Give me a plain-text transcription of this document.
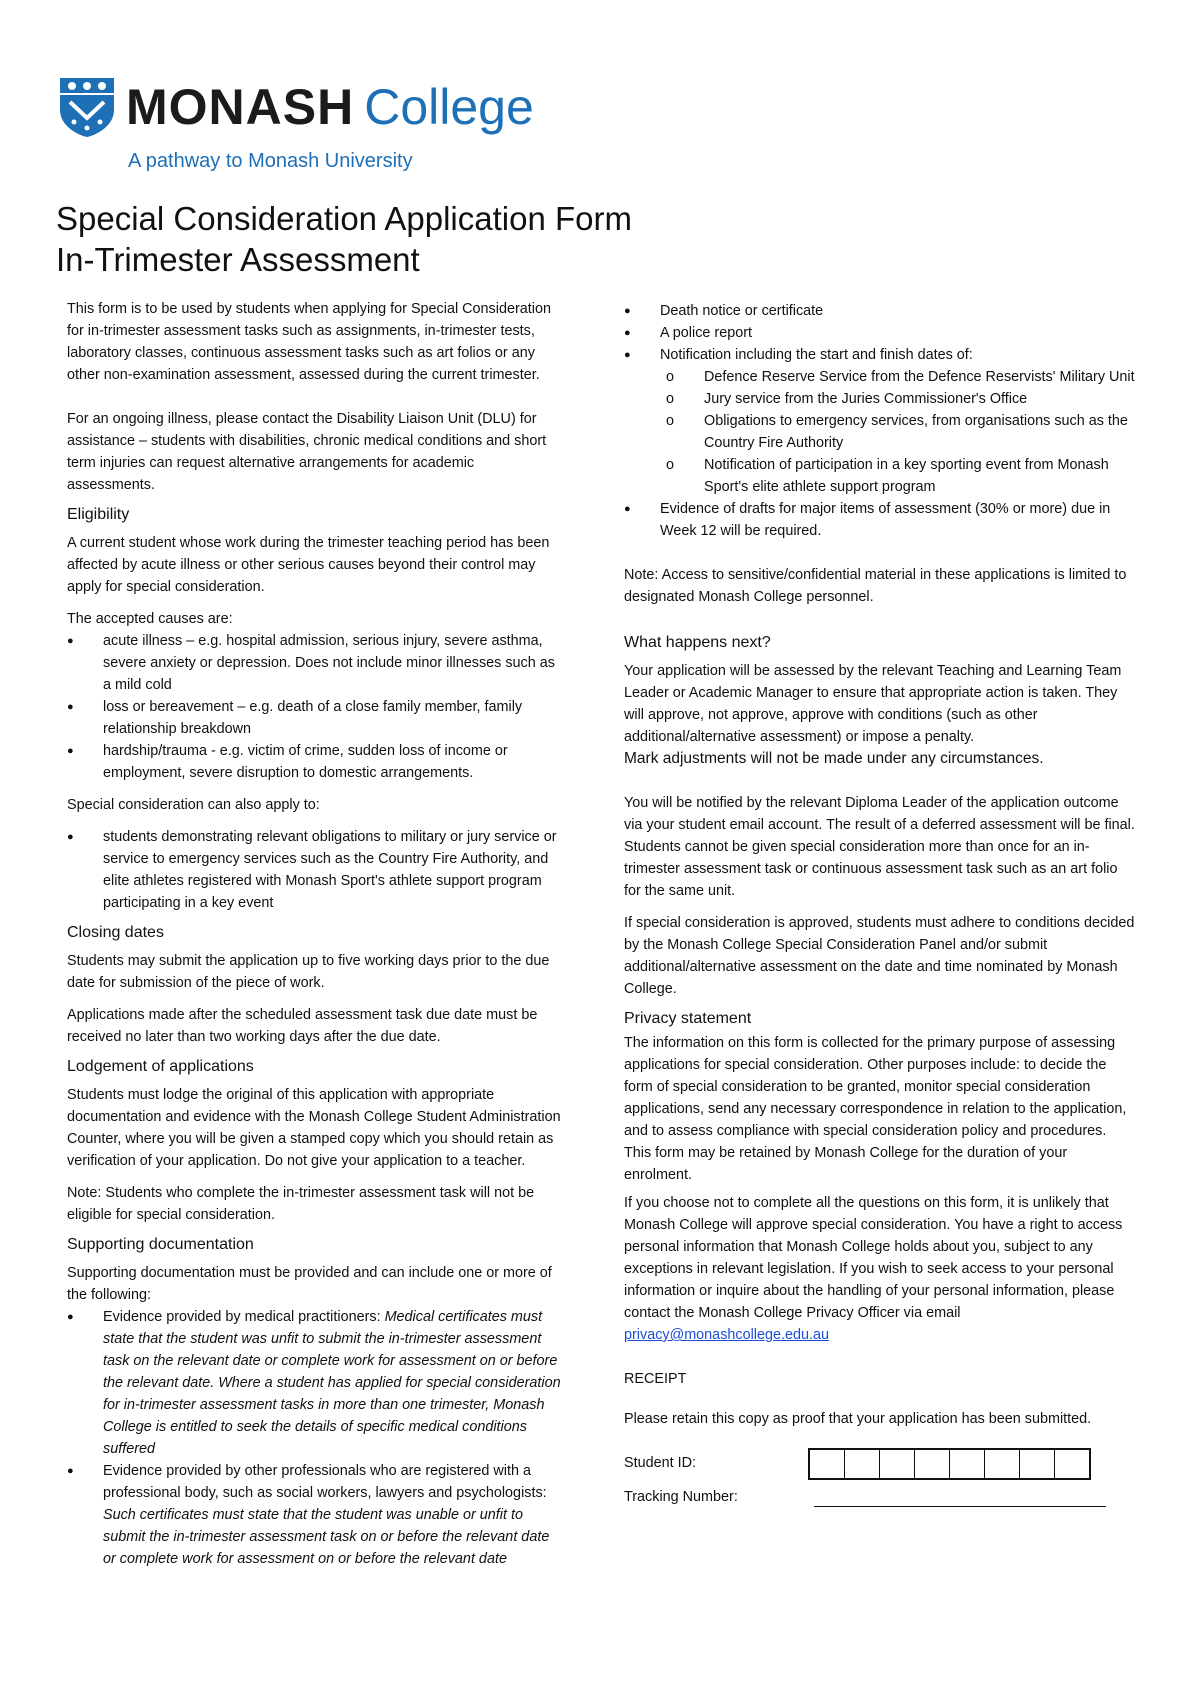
MONASH College
A pathway to Monash University
Special Consideration Application Form
In-Trimester Assessment

This form is to be used by students when applying for Special Consideration for in-trimester assessment tasks such as assignments, in-trimester tests, laboratory classes, continuous assessment tasks such as art folios or any other non-examination assessment, assessed during the current trimester.

For an ongoing illness, please contact the Disability Liaison Unit (DLU) for assistance – students with disabilities, chronic medical conditions and short term injuries can request alternative arrangements for academic assessments.

Eligibility

A current student whose work during the trimester teaching period has been affected by acute illness or other serious causes beyond their control may apply for special consideration.

The accepted causes are:

● acute illness – e.g. hospital admission, serious injury, severe asthma, severe anxiety or depression. Does not include minor illnesses such as a mild cold
● loss or bereavement – e.g. death of a close family member, family relationship breakdown
● hardship/trauma - e.g. victim of crime, sudden loss of income or employment, severe disruption to domestic arrangements.

Special consideration can also apply to:

● students demonstrating relevant obligations to military or jury service or service to emergency services such as the Country Fire Authority, and elite athletes registered with Monash Sport's athlete support program participating in a key event
Closing dates

Students may submit the application up to five working days prior to the due date for submission of the piece of work.

Applications made after the scheduled assessment task due date must be received no later than two working days after the due date.

Lodgement of applications

Students must lodge the original of this application with appropriate documentation and evidence with the Monash College Student Administration Counter, where you will be given a stamped copy which you should retain as verification of your application. Do not give your application to a teacher.

Note: Students who complete the in-trimester assessment task will not be eligible for special consideration.

Supporting documentation

Supporting documentation must be provided and can include one or more of the following:

● Evidence provided by medical practitioners: Medical certificates must state that the student was unfit to submit the in-trimester assessment task on the relevant date or complete work for assessment on or before the relevant date. Where a student has applied for special consideration for in-trimester assessment tasks in more than one trimester, Monash College is entitled to seek the details of specific medical conditions suffered
● Evidence provided by other professionals who are registered with a professional body, such as social workers, lawyers and psychologists: Such certificates must state that the student was unable or unfit to submit the in-trimester assessment task on or before the relevant date or complete work for assessment on or before the relevant date
● Death notice or certificate
● A police report
● Notification including the start and finish dates of:
o Defence Reserve Service from the Defence Reservists' Military Unit
o Jury service from the Juries Commissioner's Office
o Obligations to emergency services, from organisations such as the Country Fire Authority
o Notification of participation in a key sporting event from Monash Sport's elite athlete support program
● Evidence of drafts for major items of assessment (30% or more) due in Week 12 will be required.

Note: Access to sensitive/confidential material in these applications is limited to designated Monash College personnel.

What happens next?

Your application will be assessed by the relevant Teaching and Learning Team Leader or Academic Manager to ensure that appropriate action is taken. They will approve, not approve, approve with conditions (such as other additional/alternative assessment) or impose a penalty.

Mark adjustments will not be made under any circumstances.

You will be notified by the relevant Diploma Leader of the application outcome via your student email account. The result of a deferred assessment will be final. Students cannot be given special consideration more than once for an in-trimester assessment task or continuous assessment task such as an art folio for the same unit.

If special consideration is approved, students must adhere to conditions decided by the Monash College Special Consideration Panel and/or submit additional/alternative assessment on the date and time nominated by Monash College.

Privacy statement

The information on this form is collected for the primary purpose of assessing applications for special consideration. Other purposes include: to decide the form of special consideration to be granted, monitor special consideration applications, send any necessary correspondence in relation to the application, and to assess compliance with special consideration policy and procedures. This form may be retained by Monash College for the duration of your enrolment.

If you choose not to complete all the questions on this form, it is unlikely that Monash College will approve special consideration. You have a right to access personal information that Monash College holds about you, subject to any exceptions in relevant legislation. If you wish to seek access to your personal information or inquire about the handling of your personal information, please contact the Monash College Privacy Officer via email privacy@monashcollege.edu.au

RECEIPT

Please retain this copy as proof that your application has been submitted.

Student ID:
Tracking Number:
